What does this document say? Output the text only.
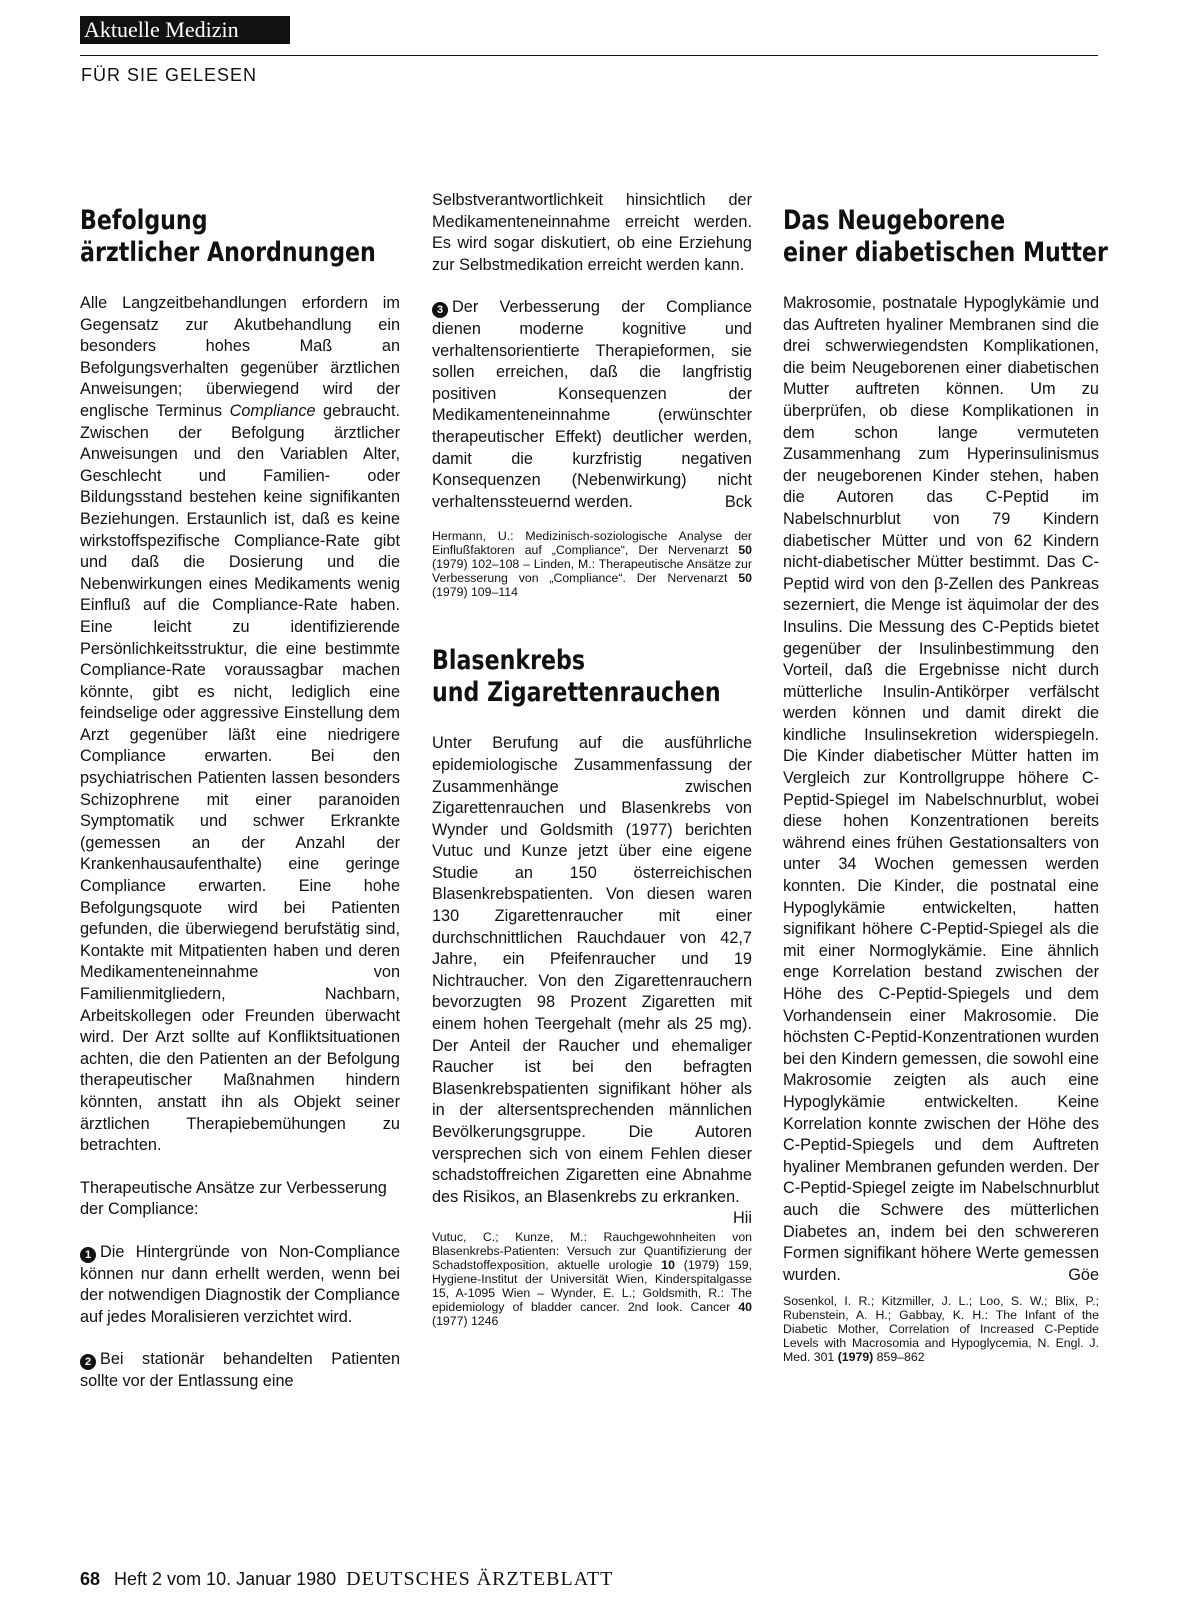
Aktuelle Medizin
FÜR SIE GELESEN
Befolgung
ärztlicher Anordnungen

Alle Langzeitbehandlungen erfordern im Gegensatz zur Akutbehandlung ein besonders hohes Maß an Befolgungsverhalten gegenüber ärztlichen Anweisungen; überwiegend wird der englische Terminus Compliance gebraucht. Zwischen der Befolgung ärztlicher Anweisungen und den Variablen Alter, Geschlecht und Familien- oder Bildungsstand bestehen keine signifikanten Beziehungen. Erstaunlich ist, daß es keine wirkstoffspezifische Compliance-Rate gibt und daß die Dosierung und die Nebenwirkungen eines Medikaments wenig Einfluß auf die Compliance-Rate haben. Eine leicht zu identifizierende Persönlichkeitsstruktur, die eine bestimmte Compliance-Rate voraussagbar machen könnte, gibt es nicht, lediglich eine feindselige oder aggressive Einstellung dem Arzt gegenüber läßt eine niedrigere Compliance erwarten. Bei den psychiatrischen Patienten lassen besonders Schizophrene mit einer paranoiden Symptomatik und schwer Erkrankte (gemessen an der Anzahl der Krankenhausaufenthalte) eine geringe Compliance erwarten. Eine hohe Befolgungsquote wird bei Patienten gefunden, die überwiegend berufstätig sind, Kontakte mit Mitpatienten haben und deren Medikamenteneinnahme von Familienmitgliedern, Nachbarn, Arbeitskollegen oder Freunden überwacht wird. Der Arzt sollte auf Konfliktsituationen achten, die den Patienten an der Befolgung therapeutischer Maßnahmen hindern könnten, anstatt ihn als Objekt seiner ärztlichen Therapiebemühungen zu betrachten.

Therapeutische Ansätze zur Verbesserung der Compliance:

1 Die Hintergründe von Non-Compliance können nur dann erhellt werden, wenn bei der notwendigen Diagnostik der Compliance auf jedes Moralisieren verzichtet wird.

2 Bei stationär behandelten Patienten sollte vor der Entlassung eine

Selbstverantwortlichkeit hinsichtlich der Medikamenteneinnahme erreicht werden. Es wird sogar diskutiert, ob eine Erziehung zur Selbstmedikation erreicht werden kann.

3 Der Verbesserung der Compliance dienen moderne kognitive und verhaltensorientierte Therapieformen, sie sollen erreichen, daß die langfristig positiven Konsequenzen der Medikamenteneinnahme (erwünschter therapeutischer Effekt) deutlicher werden, damit die kurzfristig negativen Konsequenzen (Nebenwirkung) nicht verhaltenssteuernd werden.	Bck

Hermann, U.: Medizinisch-soziologische Analyse der Einflußfaktoren auf „Compliance“, Der Nervenarzt 50 (1979) 102–108 – Linden, M.: Therapeutische Ansätze zur Verbesserung von „Compliance“. Der Nervenarzt 50 (1979) 109–114

Blasenkrebs
und Zigarettenrauchen

Unter Berufung auf die ausführliche epidemiologische Zusammenfassung der Zusammenhänge zwischen Zigarettenrauchen und Blasenkrebs von Wynder und Goldsmith (1977) berichten Vutuc und Kunze jetzt über eine eigene Studie an 150 österreichischen Blasenkrebspatienten. Von diesen waren 130 Zigarettenraucher mit einer durchschnittlichen Rauchdauer von 42,7 Jahre, ein Pfeifenraucher und 19 Nichtraucher. Von den Zigarettenrauchern bevorzugten 98 Prozent Zigaretten mit einem hohen Teergehalt (mehr als 25 mg). Der Anteil der Raucher und ehemaliger Raucher ist bei den befragten Blasenkrebspatienten signifikant höher als in der altersentsprechenden männlichen Bevölkerungsgruppe. Die Autoren versprechen sich von einem Fehlen dieser schadstoffreichen Zigaretten eine Abnahme des Risikos, an Blasenkrebs zu erkranken.
Hii

Vutuc, C.; Kunze, M.: Rauchgewohnheiten von Blasenkrebs-Patienten: Versuch zur Quantifizierung der Schadstoffexposition, aktuelle urologie 10 (1979) 159, Hygiene-Institut der Universität Wien, Kinderspitalgasse 15, A-1095 Wien – Wynder, E. L.; Goldsmith, R.: The epidemiology of bladder cancer. 2nd look. Cancer 40 (1977) 1246

Das Neugeborene
einer diabetischen Mutter

Makrosomie, postnatale Hypoglykämie und das Auftreten hyaliner Membranen sind die drei schwerwiegendsten Komplikationen, die beim Neugeborenen einer diabetischen Mutter auftreten können. Um zu überprüfen, ob diese Komplikationen in dem schon lange vermuteten Zusammenhang zum Hyperinsulinismus der neugeborenen Kinder stehen, haben die Autoren das C-Peptid im Nabelschnurblut von 79 Kindern diabetischer Mütter und von 62 Kindern nicht-diabetischer Mütter bestimmt. Das C-Peptid wird von den β-Zellen des Pankreas sezerniert, die Menge ist äquimolar der des Insulins. Die Messung des C-Peptids bietet gegenüber der Insulinbestimmung den Vorteil, daß die Ergebnisse nicht durch mütterliche Insulin-Antikörper verfälscht werden können und damit direkt die kindliche Insulinsekretion widerspiegeln. Die Kinder diabetischer Mütter hatten im Vergleich zur Kontrollgruppe höhere C-Peptid-Spiegel im Nabelschnurblut, wobei diese hohen Konzentrationen bereits während eines frühen Gestationsalters von unter 34 Wochen gemessen werden konnten. Die Kinder, die postnatal eine Hypoglykämie entwickelten, hatten signifikant höhere C-Peptid-Spiegel als die mit einer Normoglykämie. Eine ähnlich enge Korrelation bestand zwischen der Höhe des C-Peptid-Spiegels und dem Vorhandensein einer Makrosomie. Die höchsten C-Peptid-Konzentrationen wurden bei den Kindern gemessen, die sowohl eine Makrosomie zeigten als auch eine Hypoglykämie entwickelten. Keine Korrelation konnte zwischen der Höhe des C-Peptid-Spiegels und dem Auftreten hyaliner Membranen gefunden werden. Der C-Peptid-Spiegel zeigte im Nabelschnurblut auch die Schwere des mütterlichen Diabetes an, indem bei den schwereren Formen signifikant höhere Werte gemessen wurden.	Göe

Sosenkol, I. R.; Kitzmiller, J. L.; Loo, S. W.; Blix, P.; Rubenstein, A. H.; Gabbay, K. H.: The Infant of the Diabetic Mother, Correlation of Increased C-Peptide Levels with Macrosomia and Hypoglycemia, N. Engl. J. Med. 301 (1979) 859–862

68 Heft 2 vom 10. Januar 1980 DEUTSCHES ÄRZTEBLATT
